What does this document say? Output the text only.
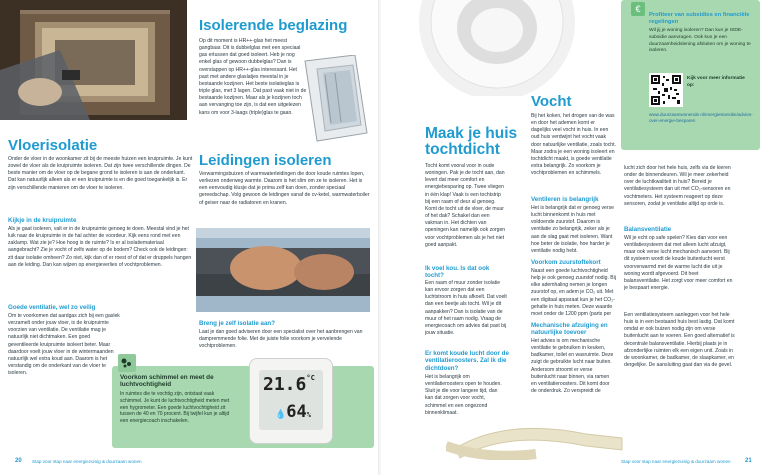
Vloerisolatie
Onder de vloer in de woonkamer zit bij de meeste huizen een kruipruimte. Je kunt zowel de vloer als de kruipruimte isoleren. Dat zijn twee verschillende dingen. De beste manier om de vloer op de begane grond te isoleren is aan de onderkant. Dat kan natuurlijk alleen als er een kruipruimte is en die goed toegankelijk is. Er zijn verschillende manieren om de vloer te isoleren.
Kijkje in de kruipruimte
Als je gaat isoleren, valt er in de kruipruimte genoeg te doen. Meestal vind je het luik naar de kruipruimte in de hal achter de voordeur. Kijk eens rond met een zaklamp. Wat zie je? Hoe hoog is de ruimte? Is er al isolatiemateriaal aangebracht? Zie je vocht of zelfs water op de bodem? Check ook de leidingen: zit daar isolatie omheen? Zo niet, kijk dan of er roest of of dat er druppels hangen aan de leiding. Dan kan wijzen op energieverlies of vochtproblemen.
Goede ventilatie, wel zo veilig
Om te voorkomen dat aardgas zich bij een gaslek verzamelt onder jouw vloer, is de kruipruimte voorzien van ventilatie. De ventilatie mag je natuurlijk niet dichtmaken. Een goed geventileerde kruipruimte isoleert beter. Maar daardoor voelt jouw vloer in de wintermaanden natuurlijk wel extra koud aan. Daarom is het verstandig om de onderkant van de vloer te isoleren.
Isolerende beglazing
Op dit moment is HR++-glas het meest gangbaar. Dit is dubbelglas met een speciaal gas ertussen dat goed isoleert. Heb je nog enkel glas of gewoon dubbelglas? Dan is overstappen op HR++-glas interessant. Het past met andere glaslatjes meestal in je bestaande kozijnen. Het beste isolatieglas is triple glas, met 3 lagen. Dat past vaak niet in de bestaande kozijnen. Maar als je kozijnen toch aan vervanging toe zijn, is dat een uitgelezen kans om voor 3-laags (triple)glas te gaan.
Leidingen isoleren
Verwarmingsbuizen of warmwaterleidingen die door koude ruimtes lopen, verliezen onderweg warmte. Daarom is het slim om ze te isoleren. Het is een eenvoudig klusje dat je prima zelf kan doen, zonder speciaal gereedschap. Volg gewoon de leidingen vanaf de cv-ketel, warmwaterboiler of geiser naar de radiatoren en kranen.
Breng je zelf isolatie aan?
Laat je dan goed adviseren door een specialist over het aanbrengen van dampremmende folie. Met de juiste folie voorkom je vervelende vochtproblemen.
Voorkom schimmel en meet de luchtvochtigheid
In ruimtes die te vochtig zijn, ontstaat vaak schimmel. Je kunt de luchtvochtigheid meten met een hygrometer. Een goede luchtvochtigheid zit tussen de 40 en 70 procent. Bij twijfel kun je altijd een energiecoach inschakelen.
$21.6^{^\circ C}$
💧64%
20 Stap voor stap naar energiezuinig & duurzaam wonen
Maak je huis tochtdicht
Tocht komt vooral voor in oude woningen. Pak je de tocht aan, dan levert dat meer comfort en energiebesparing op. Twee vliegen in één klap! Vaak is een tochtstrip bij een raam of deur al genoeg. Komt de tocht uit de vloer, de muur of het dak? Schakel dan een vakman in. Het dichten van openingen kan namelijk ook zorgen voor vochtproblemen als je het niet goed aanpakt.
Ik voel kou. Is dat ook tocht?
Een raam of muur zonder isolatie kan ervoor zorgen dat een luchtstroom in huis afkoelt. Dat voelt dan een beetje als tocht. Wil je dit aanpakken? Dan is isolatie van de muur of het raam nodig. Vraag de energiecoach om advies dat past bij jouw situatie.
Er komt koude lucht door de ventilatieroosters. Zal ik die dichtdoen?
Het is belangrijk om ventilatieroosters open te houden. Sluit je die voor langere tijd, dan kan dat zorgen voor vocht, schimmel en een ongezond binnenklimaat.
Vocht
Bij het koken, het drogen van de was en door het ademen komt er dagelijks veel vocht in huis. In een oud huis verdwijnt het vocht vaak door natuurlijke ventilatie, zoals tocht. Maar zodra je een woning isoleert en tochtdicht maakt, is goede ventilatie extra belangrijk. Zo voorkom je vochtproblemen en schimmels.
Ventileren is belangrijk
Het is belangrijk dat er genoeg verse lucht binnenkomt in huis met voldoende zuurstof. Daarom is ventilatie zo belangrijk, zeker als je aan de slag gaat met isoleren. Want hoe beter de isolatie, hoe harder je ventilatie nodig hebt.
Voorkom zuurstoftekort
Naast een goede luchtvochtigheid help je ook genoeg zuurstof nodig. Bij elke ademhaling nemen je longen zuurstof op, en adem je CO₂ uit. Met een digitaal apparaat kun je het CO₂-gehalte in huis meten. Deze waarde moet onder de 1200 ppm (parts per
Mechanische afzuiging en natuurlijke toevoer
Het advies is om mechanische ventilatie te gebruiken in keuken, badkamer, toilet en wasruimte. Deze zuigt de gebruikte lucht naar buiten. Andersom stroomt er verse buitenlucht naar binnen, via ramen en ventilatieroosters. Dit komt door de onderdruk. Zo verspreidt de
lucht zich door het hele huis, zelfs via de kieren onder de binnendeuren. Wil je meer zekerheid over de luchtkwaliteit in huis? Bereid je ventilatiesysteem dan uit met CO₂-sensoren en vochtmeters. Het systeem reageert op deze sensoren, zodat je ventilatie altijd op orde is.
Balansventilatie
Wil je echt op safe spelen? Kies dan voor een ventilatiesysteem dat met alleen lucht afzuigt, maar ook verse lucht mechanisch aanvoert. Bij dit systeem wordt de koude buitenlucht eerst voorverwarmd met de warme lucht die uit je woning wordt afgevoerd. Dit heet balansventilatie. Het zorgt voor meer comfort en je bespaart energie.
Een ventilatiesysteem aanleggen voor het hele huis is in een bestaand huis best lastig. Dat komt omdat er ook buizen nodig zijn om verse buitenlucht aan te voeren. Een goed alternatief is decentrale balansventilatie. Hierbij plaats je in afzonderlijke ruimten elk een eigen unit. Zoals in de woonkamer, de badkamer, de slaapkamer, en dergelijke. De aansluiting gaat dan via de gevel.
€
Profiteer van subsidies en financiële regelingen
Wil jij je woning isoleren? Dan kun je ISDE-subsidie aanvragen. Ook kun je een duurzaamheidslening afsluiten om je woning te isoleren.
Kijk voor meer informatie op:
www.duurzaamwonende.nl/energietransitie/advies-over-energie-besparen
Stap voor stap naar energiezuinig & duurzaam wonen 21
